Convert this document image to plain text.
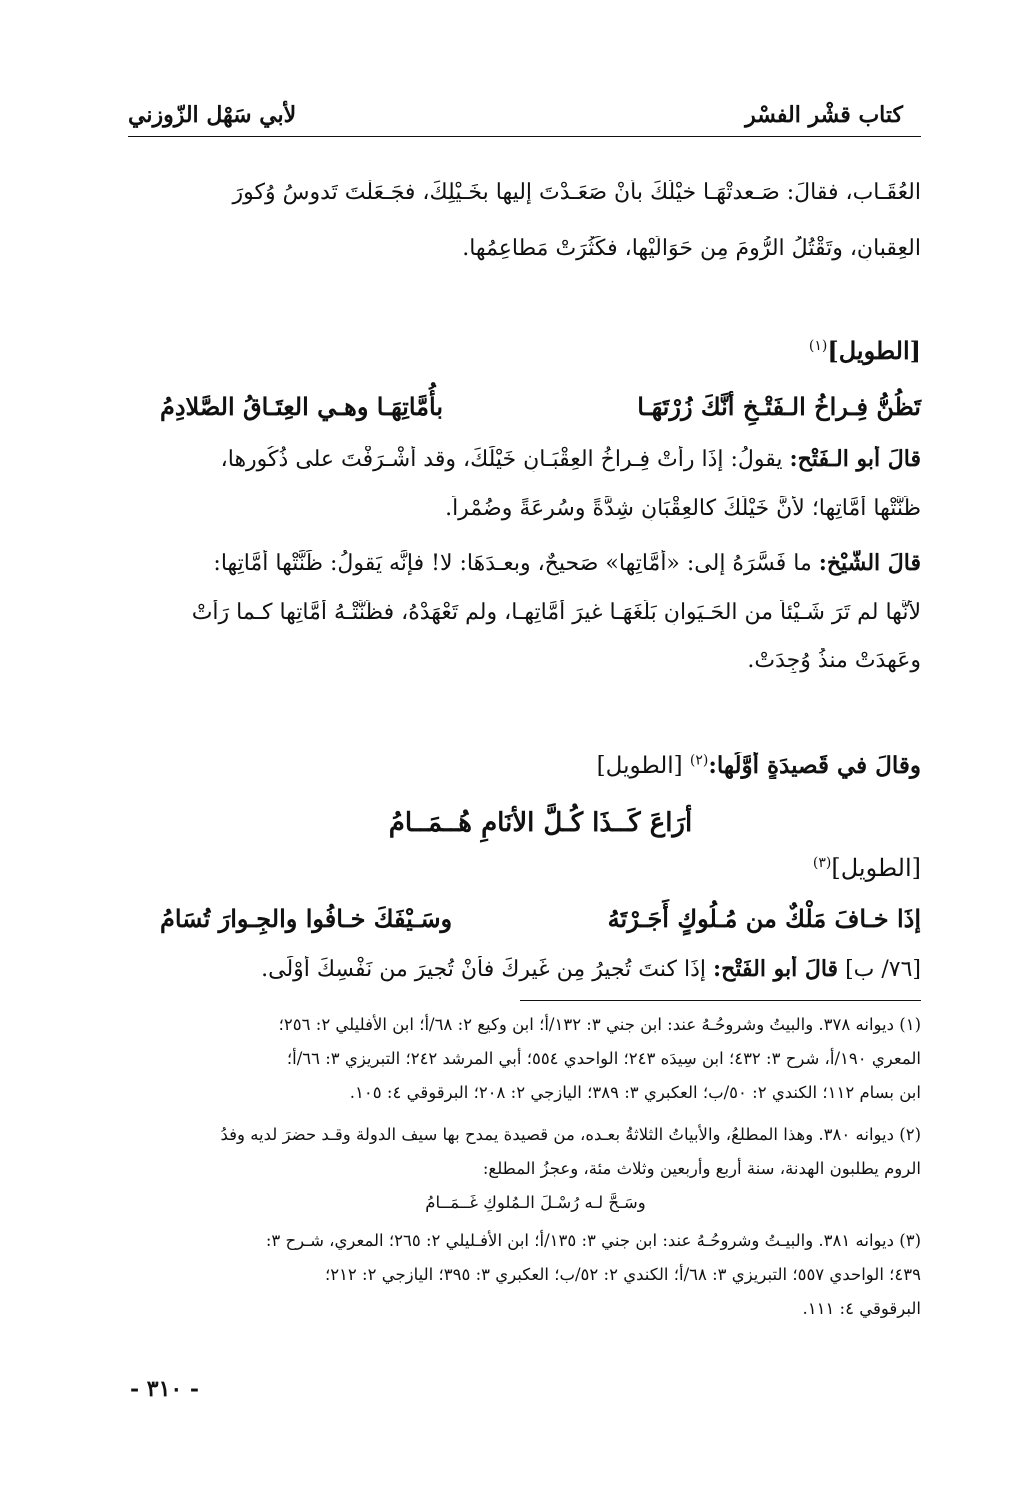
كتاب قشْر الفسْر
لأبي سَهْل الزّوزني
العُقَـاب، فقالَ: صَـعدتْهَـا خيْلُكَ بأنْ صَعَـدْتَ إليها بخَـيْلِكَ، فجَـعَلْتَ تَدوسُ وُكورَ
العِقبانِ، وتَقْتُلُ الرُّومَ مِن حَوَالَيْها، فكَثُرَتْ مَطاعِمُها.
[الطويل]$^{(١)}$
تَظُنُّ فِـراخُ الـفَتْـخِ أنَّكَ زُرْتَهَـا
بأُمَّاتِهَـا وهـي العِتَـاقُ الصَّلادِمُ
قالَ أبو الـفَتْح: يقولُ: إذَا رأتْ فِـراخُ العِقْبَـانِ خَيْلَكَ، وقد أشْـرَفْتَ على ذُكُورِها،
ظَنَّتْها أُمَّاتِها؛ لأنَّ خَيْلَكَ كالعِقْبَانِ شِدَّةً وسُرعَةً وضُمْراً.
قالَ الشَّيْخ: ما فَسَّرَهُ إلى: «أُمَّاتِها» صَحيحٌ، وبعـدَهَا: لا! فإنَّه يَقولُ: ظَنَّتْها أُمَّاتِها:
لأنَّها لم تَرَ شَـيْئاً من الحَـيَوانِ بَلَغَهَـا غيرَ أُمَّاتِهـا، ولم تَعْهَدْهُ، فظَنَّتْـهُ أُمَّاتِها كـما رَأَتْ
وعَهِدَتْ منذُ وُجِدَتْ.
وقالَ في قَصيدَةٍ أوَّلُها:$^{(٢)}$ [الطويل]
أرَاعَ كَــذَا كُـلَّ الأنَامِ هُــمَــامُ
[الطويل]$^{(٣)}$
إذَا خـافَ مَلْكٌ من مُـلُوكٍ أَجَـرْتَهُ
وسَـيْفَكَ خـافُوا والجِـوارَ تُسَامُ
[٧٦/ ب] قالَ أبو الفَتْح: إذَا كنتَ تُجيرُ مِن غَيرِكَ فأنْ تُجيرَ من نَفْسِكَ أَوْلَى.
(١) ديوانه ٣٧٨. والبيتُ وشروحُـهُ عند: ابن جني ٣: ١٣٢/أ؛ ابن وكيع ٢: ٦٨/أ؛ ابن الأفليلي ٢: ٢٥٦؛
المعري ١٩٠/أ، شرح ٣: ٤٣٢؛ ابن سِيدَه ٢٤٣؛ الواحدي ٥٥٤؛ أبي المرشد ٢٤٢؛ التبريزي ٣: ٦٦/أ؛
ابن بسام ١١٢؛ الكندي ٢: ٥٠/ب؛ العكبري ٣: ٣٨٩؛ اليازجي ٢: ٢٠٨؛ البرقوقي ٤: ١٠٥.
(٢) ديوانه ٣٨٠. وهذا المطلعُ، والأبياتُ الثلاثةُ بعـده، من قصيدة يمدح بها سيف الدولة وقـد حضرَ لديه وفدُ
الروم يطلبون الهدنة، سنة أربع وأربعين وثلاث مئة، وعجزُ المطلع:
وسَـحَّ لـه رُسْـلَ الـمُلوكِ غَــمَــامُ
(٣) ديوانه ٣٨١. والبيـتُ وشروحُـهُ عند: ابن جني ٣: ١٣٥/أ؛ ابن الأفـليلي ٢: ٢٦٥؛ المعري، شـرح ٣:
٤٣٩؛ الواحدي ٥٥٧؛ التبريزي ٣: ٦٨/أ؛ الكندي ٢: ٥٢/ب؛ العكبري ٣: ٣٩٥؛ اليازجي ٢: ٢١٢؛
البرقوقي ٤: ١١١.
- ٣١٠ -
